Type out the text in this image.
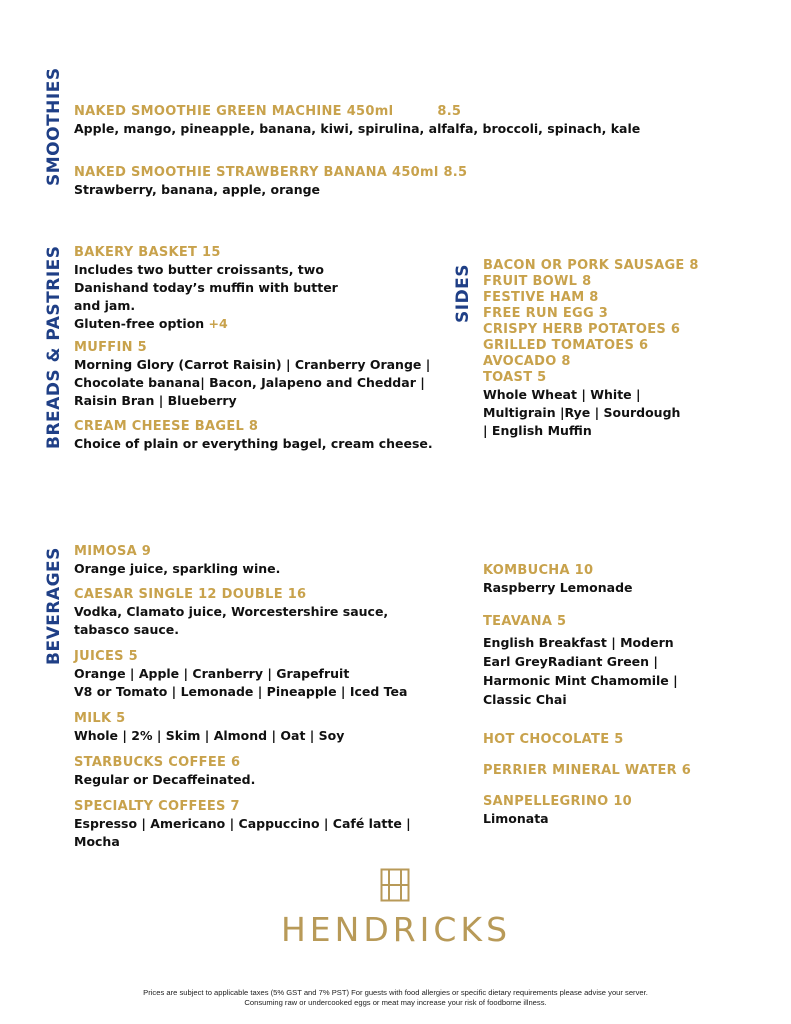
SMOOTHIES
BREADS & PASTRIES	SIDES
BEVERAGES
NAKED SMOOTHIE GREEN MACHINE 450ml	8.5
Apple, mango, pineapple, banana, kiwi, spirulina, alfalfa, broccoli, spinach, kale
NAKED SMOOTHIE STRAWBERRY BANANA 450ml 8.5
Strawberry, banana, apple, orange
BAKERY BASKET 15
Includes two butter croissants, two
Danishand today’s muffin with butter
and jam.
Gluten-free option +4
MUFFIN 5
Morning Glory (Carrot Raisin) | Cranberry Orange |
Chocolate banana| Bacon, Jalapeno and Cheddar |
Raisin Bran | Blueberry
CREAM CHEESE BAGEL 8
Choice of plain or everything bagel, cream cheese.
BACON OR PORK SAUSAGE 8
FRUIT BOWL 8
FESTIVE HAM 8
FREE RUN EGG 3
CRISPY HERB POTATOES 6
GRILLED TOMATOES 6
AVOCADO 8
TOAST 5
Whole Wheat | White |
Multigrain |Rye | Sourdough
| English Muffin
MIMOSA 9
Orange juice, sparkling wine.
CAESAR SINGLE 12 DOUBLE 16
Vodka, Clamato juice, Worcestershire sauce,
tabasco sauce.
JUICES 5
Orange | Apple | Cranberry | Grapefruit
V8 or Tomato | Lemonade | Pineapple | Iced Tea
MILK 5
Whole | 2% | Skim | Almond | Oat | Soy
STARBUCKS COFFEE 6
Regular or Decaffeinated.
SPECIALTY COFFEES 7
Espresso | Americano | Cappuccino | Café latte |
Mocha
KOMBUCHA 10
Raspberry Lemonade
TEAVANA 5
English Breakfast | Modern
Earl GreyRadiant Green |
Harmonic Mint Chamomile |
Classic Chai
HOT CHOCOLATE 5
PERRIER MINERAL WATER 6
SANPELLEGRINO 10
Limonata
HENDRICKS
Prices are subject to applicable taxes (5% GST and 7% PST) For guests with food allergies or specific dietary requirements please advise your server.
Consuming raw or undercooked eggs or meat may increase your risk of foodborne illness.
